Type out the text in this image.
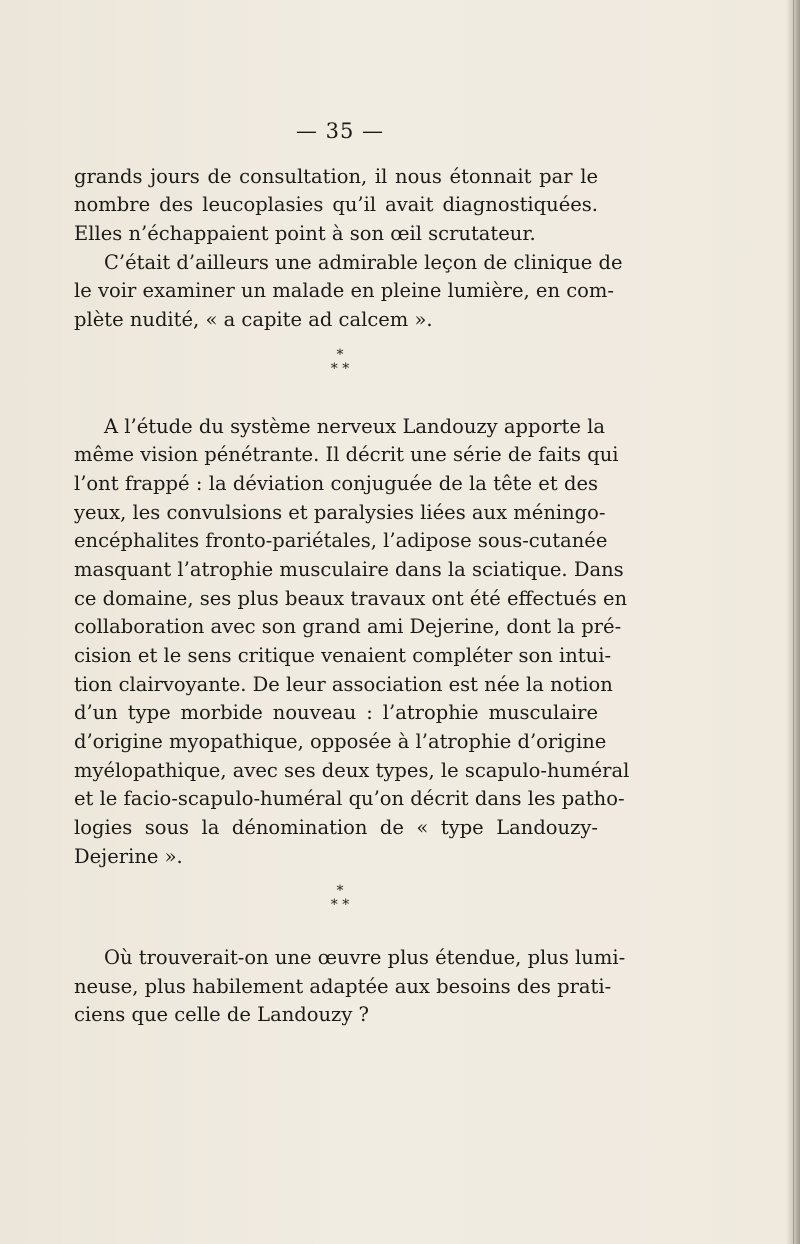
— 35 —
grands jours de consultation, il nous étonnait par le
nombre des leucoplasies qu’il avait diagnostiquées.
Elles n’échappaient point à son œil scrutateur.
C’était d’ailleurs une admirable leçon de clinique de
le voir examiner un malade en pleine lumière, en com-
plète nudité, « a capite ad calcem ».
*
* *
A l’étude du système nerveux Landouzy apporte la
même vision pénétrante. Il décrit une série de faits qui
l’ont frappé : la déviation conjuguée de la tête et des
yeux, les convulsions et paralysies liées aux méningo-
encéphalites fronto-pariétales, l’adipose sous-cutanée
masquant l’atrophie musculaire dans la sciatique. Dans
ce domaine, ses plus beaux travaux ont été effectués en
collaboration avec son grand ami Dejerine, dont la pré-
cision et le sens critique venaient compléter son intui-
tion clairvoyante. De leur association est née la notion
d’un type morbide nouveau : l’atrophie musculaire
d’origine myopathique, opposée à l’atrophie d’origine
myélopathique, avec ses deux types, le scapulo-huméral
et le facio-scapulo-huméral qu’on décrit dans les patho-
logies sous la dénomination de « type Landouzy-
Dejerine ».
*
* *
Où trouverait-on une œuvre plus étendue, plus lumi-
neuse, plus habilement adaptée aux besoins des prati-
ciens que celle de Landouzy ?
